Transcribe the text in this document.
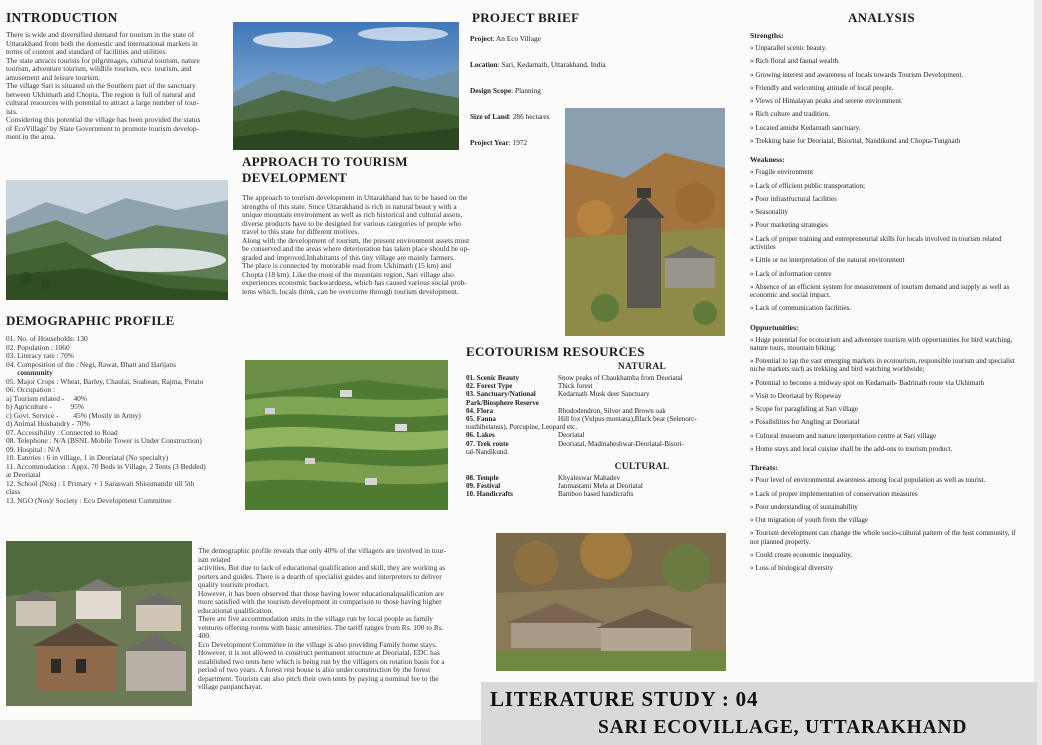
INTRODUCTION

There is wide and diversified demand for tourism in the state of

Uttarakhand from both the domestic and international markets in

terms of content and standard of facilities and utilities.

The state attracts tourists for pilgrimages, cultural tourism, nature

tourism, adventure tourism, wildlife tourism, eco  tourism, and

amusement and leisure tourism.

The village Sari is situated on the Southern part of the sanctuary

between Ukhimath and Chopta. The region is full of natural and

cultural resources with potential to attract a large number of tour-

ists.

Considering this potential the village has been provided the status

of EcoVillage' by State Government to promote tourism develop-

ment in the area.

APPROACH TO TOURISM
DEVELOPMENT

The approach to tourism development in Uttarakhand has to be based on the

strengths of this state. Since Uttarakhand is rich in natural beaut y with a

unique mountain environment as well as rich historical and cultural assets,

diverse products have to be designed for various categories of people who

travel to this state for different motives.

Along with the development of tourism, the present environment assets must

be conserved and the areas where deterioration has taken place should be up-

graded and improved.Inhabitants of this tiny village are mainly farmers.

The place is connected by motorable road from Ukhimath (15 km) and

Chopta (18 km). Like the most of the mountain region, Sari village also

experiences economic backwardness, which has caused various social prob-

lems which, locals think, can be overcome through tourism development.

DEMOGRAPHIC PROFILE

01. No. of Households: 130

02. Population : 1060

03. Literacy rate : 70%

04. Composition of the : Negi, Rawat, Bhatt and Harijans

community

05. Major Crops : Wheat, Barley, Chaulai, Soabean, Rajma, Potato

06. Occupation :

a) Tourism related -     40%

b) Agriculture -          95%

c) Govt. Service -        45% (Mostly in Army)

d) Animal Husbandry - 70%

07. Accessibility : Connected to Road

08. Telephone : N/A (BSNL Mobile Tower is Under Construction)

09. Hospital : N/A

10. Eateries : 6 in village, 1 in Deoriatal (No specialty)

11. Accommodation : Appx. 70 Beds in Village, 2 Tents (3 Bedded)

at Deoriatal

12. School (Nos) : 1 Primary + 1 Saraswati Shisumandir till 5th

class

13. NGO (Nos)/ Society : Eco Development Committee

The demographic profile reveals that only 40% of the villagers are involved in tour-

ism related

activities. But due to lack of educational qualification and skill, they are working as

porters and guides. There is a dearth of specialist guides and interpreters to deliver

quality tourism product.

However, it has been observed that those having lower educationalqualification are

more satisfied with the tourism development in comparison to those having higher

educational qualification.

There are five accommodation units in the village run by local people as family

ventures offering rooms with basic amenities. The tariff ranges from Rs. 100 to Rs.

400.

Eco Development Committee in the village is also providing Family home stays.

However, it is not allowed to construct permanent structure at Deoriatal, EDC has

established two tents here which is being run by the villagers on rotation basis for a

period of two years. A forest rest house is also under construction by the forest

department. Tourists can also pitch their own tents by paying a nominal fee to the

village panpanchayat.

PROJECT BRIEF

Project: An Eco Village

Location: Sari, Kedarnath, Uttarakhand, India

Design Scope: Planning

Size of Land: 286 hectares

Project Year: 1972

ECOTOURISM RESOURCES
NATURAL
01. Scenic Beauty	Snow peaks of Chaukhamba from Deoriatal
02. Forest Type	Thick forest
03. Sanctuary/National	Kedarnath Musk deer Sanctuary
Park/Biosphere Reserve
04. Flora	Rhododendron, Silver and Brown oak
05. Fauna	Hill fox (Vulpus montana),Black bear (Selenorc-
tosthibetanus), Porcupine, Leopard etc.
06. Lakes	Deoriatal
07. Trek route	Deoriatal, Madmaheshwar-Deoriatal-Bisori-
tal-Nandikund.
CULTURAL
08. Temple	Khyaleswar Mahadev
09. Festival	Janmastami Mela at Deoriatal
10. Handicrafts	Bamboo based handicrafts
ANALYSIS

Strengths:

» Unparallel scenic beauty.
» Rich floral and faunal wealth.
» Growing interest and awareness of locals towards Tourism Development.
» Friendly and welcoming attitude of local people.
» Views of Himalayan peaks and serene environment.
» Rich culture and tradition.
» Located amidst Kedarnath sanctuary.
» Trekking base for Deoriatal, Bisorital, Nandikund and Chopta-Tungnath

Weakness:

» Fragile environment
» Lack of efficient public transportation;
» Poor infrastructural facilities
» Seasonality
» Poor marketing strategies
» Lack of proper training and entrepreneurial skills for locals involved in tourism related activities
» Little or no interpretation of the natural environment
» Lack of information centre
» Absence of an efficient system for measurement of tourism demand and supply as well as economic and social impact.
» Lack of communication facilities.

Oppurtunities:

» Huge potential for ecotourism and adventure tourism with opportunities for bird watching, nature tours, mountain biking;
» Potential to tap the vast emerging markets in ecotourism, responsible tourism and specialist niche markets such as trekking and bird watching worldwide;
» Potential to become a midway spot on Kedarnath- Badrinath route via Ukhimath
» Visit to Deoriatal by Ropeway
» Scope for paragliding at Sari village
» Possibilities for Angling at Deoriatal
» Cultural museum and nature interpretation centre at Sari village
» Home stays and local cuisine shall be the add-ons to tourism product.

Threats:

» Poor level of environmental awareness among local population as well as tourist.
» Lack of proper implementation of conservation measures
» Poor understanding of sustainability
» Out migration of youth from the village
» Tourism development can change the whole socio-cultural pattern of the host community, if not planned properly.
» Could create economic inequality.
» Loss of biological diversity
LITERATURE STUDY : 04
SARI ECOVILLAGE, UTTARAKHAND
